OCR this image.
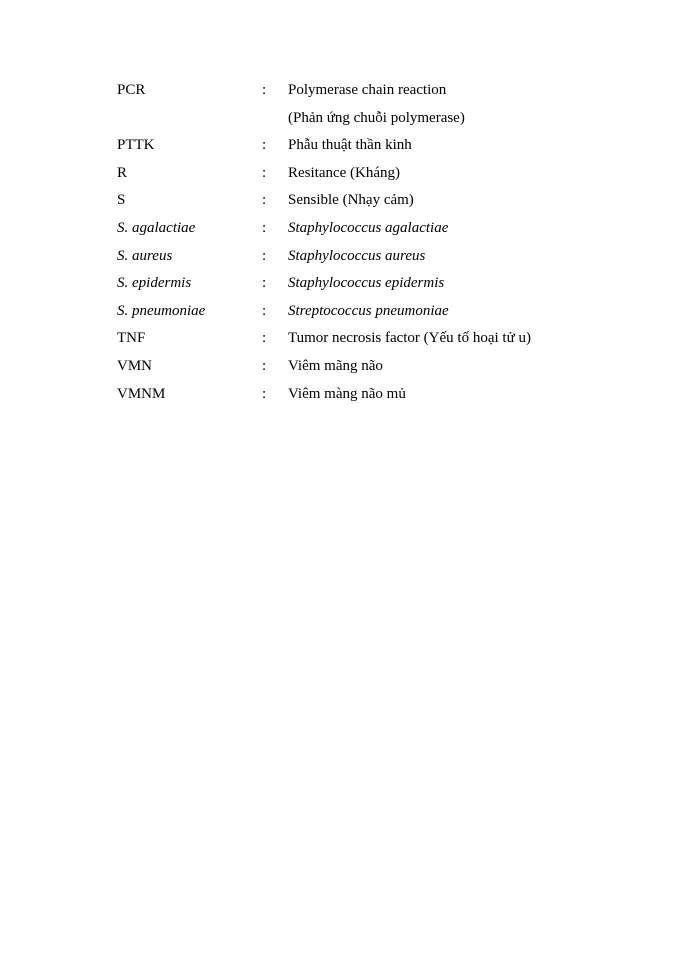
PCR	: Polymerase chain reaction
(Phản ứng chuỗi polymerase)
PTTK	: Phẫu thuật thần kinh
R	: Resitance (Kháng)
S	: Sensible (Nhạy cảm)
S. agalactiae	: Staphylococcus agalactiae
S. aureus	: Staphylococcus aureus
S. epidermis	: Staphylococcus epidermis
S. pneumoniae	: Streptococcus pneumoniae
TNF	: Tumor necrosis factor (Yếu tố hoại tử u)
VMN	: Viêm mãng não
VMNM	: Viêm màng não mủ
